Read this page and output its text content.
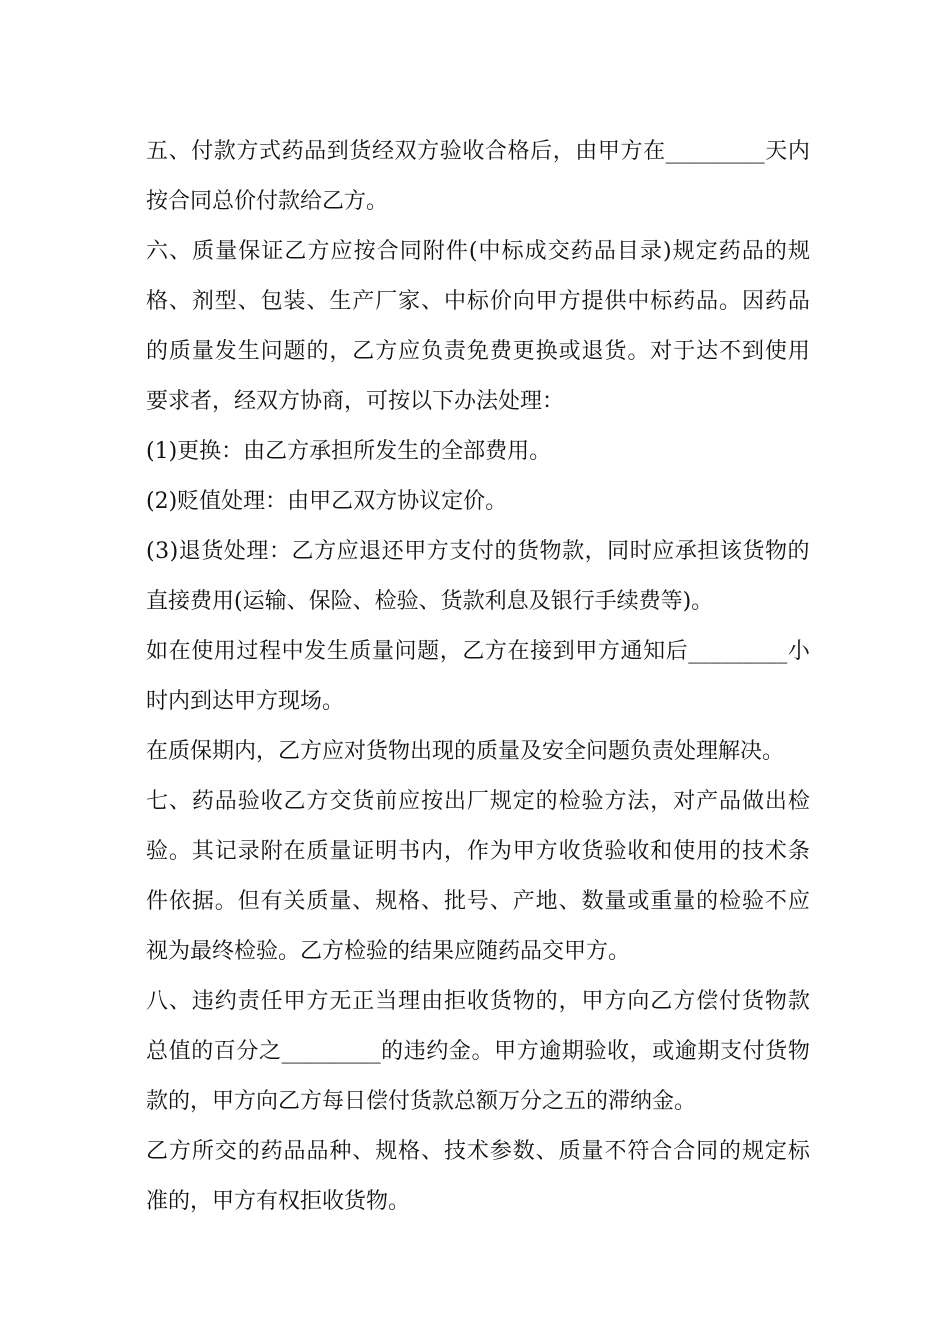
五 、 付 款 方 式 药 品 到 货 经 双 方 验 收 合 格 后 ， 由 甲 方 在 _________ 天 内
按合同总价付款给乙方。
六 、 质 量 保 证 乙 方 应 按 合 同 附 件 ( 中 标 成 交 药 品 目 录 ) 规 定 药 品 的 规
格 、 剂 型 、 包 装 、 生 产 厂 家 、 中 标 价 向 甲 方 提 供 中 标 药 品 。 因 药 品
的 质 量 发 生 问 题 的 ， 乙 方 应 负 责 免 费 更 换 或 退 货 。 对 于 达 不 到 使 用
要求者，经双方协商，可按以下办法处理：
(1)更换：由乙方承担所发生的全部费用。
(2)贬值处理：由甲乙双方协议定价。
( 3 ) 退 货 处 理 ： 乙 方 应 退 还 甲 方 支 付 的 货 物 款 ， 同 时 应 承 担 该 货 物 的
直接费用(运输、保险、检验、货款利息及银行手续费等)。
如 在 使 用 过 程 中 发 生 质 量 问 题 ， 乙 方 在 接 到 甲 方 通 知 后 _________ 小
时内到达甲方现场。
在质保期内，乙方应对货物出现的质量及安全问题负责处理解决。
七 、 药 品 验 收 乙 方 交 货 前 应 按 出 厂 规 定 的 检 验 方 法 ， 对 产 品 做 出 检
验 。 其 记 录 附 在 质 量 证 明 书 内 ， 作 为 甲 方 收 货 验 收 和 使 用 的 技 术 条
件 依 据 。 但 有 关 质 量 、 规 格 、 批 号 、 产 地 、 数 量 或 重 量 的 检 验 不 应
视为最终检验。乙方检验的结果应随药品交甲方。
八 、 违 约 责 任 甲 方 无 正 当 理 由 拒 收 货 物 的 ， 甲 方 向 乙 方 偿 付 货 物 款
总 值 的 百 分 之 _________ 的 违 约 金 。 甲 方 逾 期 验 收 ， 或 逾 期 支 付 货 物
款的，甲方向乙方每日偿付货款总额万分之五的滞纳金。
乙 方 所 交 的 药 品 品 种 、 规 格 、 技 术 参 数 、 质 量 不 符 合 合 同 的 规 定 标
准的，甲方有权拒收货物。
